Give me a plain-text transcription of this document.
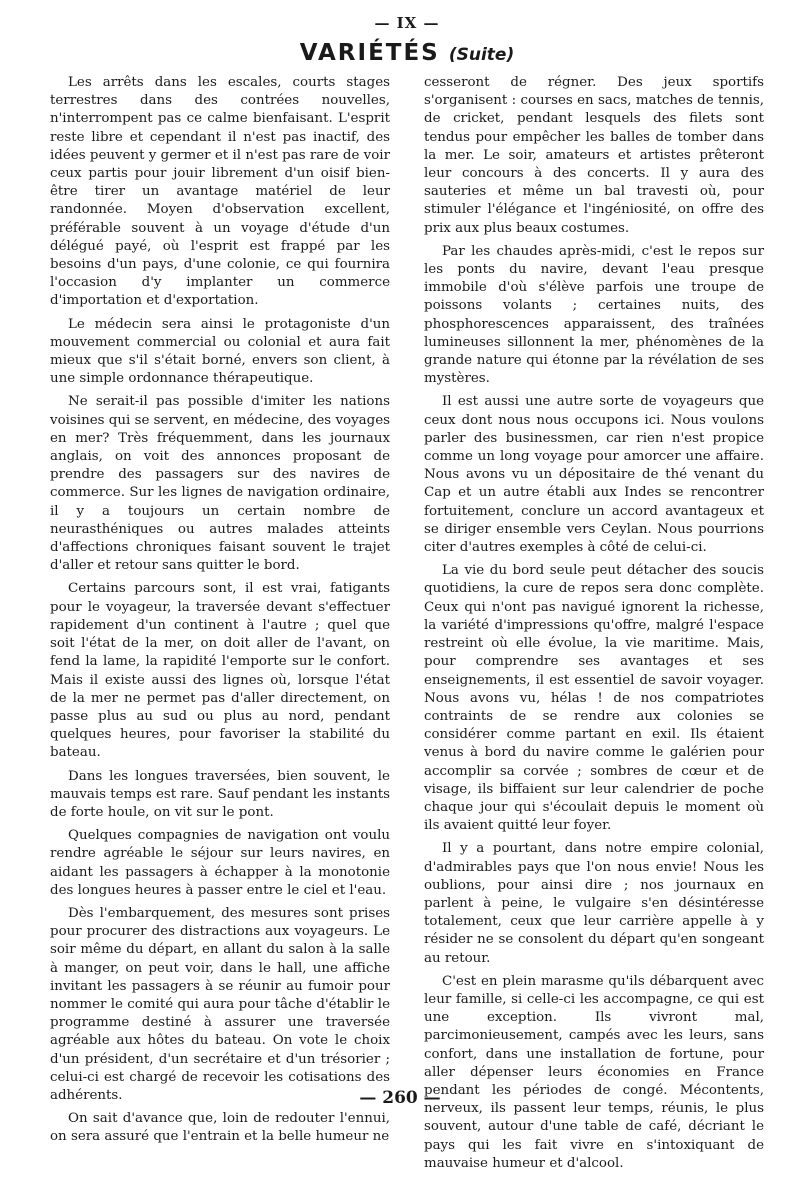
— IX —
VARIÉTÉS (Suite)

Les arrêts dans les escales, courts stages terrestres dans des contrées nouvelles, n'interrompent pas ce calme bienfaisant. L'esprit reste libre et cependant il n'est pas inactif, des idées peuvent y germer et il n'est pas rare de voir ceux partis pour jouir librement d'un oisif bien-être tirer un avantage matériel de leur randonnée. Moyen d'observation excellent, préférable souvent à un voyage d'étude d'un délégué payé, où l'esprit est frappé par les besoins d'un pays, d'une colonie, ce qui fournira l'occasion d'y implanter un commerce d'importation et d'exportation.

Le médecin sera ainsi le protagoniste d'un mouvement commercial ou colonial et aura fait mieux que s'il s'était borné, envers son client, à une simple ordonnance thérapeutique.

Ne serait-il pas possible d'imiter les nations voisines qui se servent, en médecine, des voyages en mer? Très fréquemment, dans les journaux anglais, on voit des annonces proposant de prendre des passagers sur des navires de commerce. Sur les lignes de navigation ordinaire, il y a toujours un certain nombre de neurasthéniques ou autres malades atteints d'affections chroniques faisant souvent le trajet d'aller et retour sans quitter le bord.

Certains parcours sont, il est vrai, fatigants pour le voyageur, la traversée devant s'effectuer rapidement d'un continent à l'autre ; quel que soit l'état de la mer, on doit aller de l'avant, on fend la lame, la rapidité l'emporte sur le confort. Mais il existe aussi des lignes où, lorsque l'état de la mer ne permet pas d'aller directement, on passe plus au sud ou plus au nord, pendant quelques heures, pour favoriser la stabilité du bateau.

Dans les longues traversées, bien souvent, le mauvais temps est rare. Sauf pendant les instants de forte houle, on vit sur le pont.

Quelques compagnies de navigation ont voulu rendre agréable le séjour sur leurs navires, en aidant les passagers à échapper à la monotonie des longues heures à passer entre le ciel et l'eau.

Dès l'embarquement, des mesures sont prises pour procurer des distractions aux voyageurs. Le soir même du départ, en allant du salon à la salle à manger, on peut voir, dans le hall, une affiche invitant les passagers à se réunir au fumoir pour nommer le comité qui aura pour tâche d'établir le programme destiné à assurer une traversée agréable aux hôtes du bateau. On vote le choix d'un président, d'un secrétaire et d'un trésorier ; celui-ci est chargé de recevoir les cotisations des adhérents.

On sait d'avance que, loin de redouter l'ennui, on sera assuré que l'entrain et la belle humeur ne

cesseront de régner. Des jeux sportifs s'organisent : courses en sacs, matches de tennis, de cricket, pendant lesquels des filets sont tendus pour empêcher les balles de tomber dans la mer. Le soir, amateurs et artistes prêteront leur concours à des concerts. Il y aura des sauteries et même un bal travesti où, pour stimuler l'élégance et l'ingéniosité, on offre des prix aux plus beaux costumes.

Par les chaudes après-midi, c'est le repos sur les ponts du navire, devant l'eau presque immobile d'où s'élève parfois une troupe de poissons volants ; certaines nuits, des phosphorescences apparaissent, des traînées lumineuses sillonnent la mer, phénomènes de la grande nature qui étonne par la révélation de ses mystères.

Il est aussi une autre sorte de voyageurs que ceux dont nous nous occupons ici. Nous voulons parler des businessmen, car rien n'est propice comme un long voyage pour amorcer une affaire. Nous avons vu un dépositaire de thé venant du Cap et un autre établi aux Indes se rencontrer fortuitement, conclure un accord avantageux et se diriger ensemble vers Ceylan. Nous pourrions citer d'autres exemples à côté de celui-ci.

La vie du bord seule peut détacher des soucis quotidiens, la cure de repos sera donc complète. Ceux qui n'ont pas navigué ignorent la richesse, la variété d'impressions qu'offre, malgré l'espace restreint où elle évolue, la vie maritime. Mais, pour comprendre ses avantages et ses enseignements, il est essentiel de savoir voyager. Nous avons vu, hélas ! de nos compatriotes contraints de se rendre aux colonies se considérer comme partant en exil. Ils étaient venus à bord du navire comme le galérien pour accomplir sa corvée ; sombres de cœur et de visage, ils biffaient sur leur calendrier de poche chaque jour qui s'écoulait depuis le moment où ils avaient quitté leur foyer.

Il y a pourtant, dans notre empire colonial, d'admirables pays que l'on nous envie! Nous les oublions, pour ainsi dire ; nos journaux en parlent à peine, le vulgaire s'en désintéresse totalement, ceux que leur carrière appelle à y résider ne se consolent du départ qu'en songeant au retour.

C'est en plein marasme qu'ils débarquent avec leur famille, si celle-ci les accompagne, ce qui est une exception. Ils vivront mal, parcimonieusement, campés avec les leurs, sans confort, dans une installation de fortune, pour aller dépenser leurs économies en France pendant les périodes de congé. Mécontents, nerveux, ils passent leur temps, réunis, le plus souvent, autour d'une table de café, décriant le pays qui les fait vivre en s'intoxiquant de mauvaise humeur et d'alcool.

— 260 —
